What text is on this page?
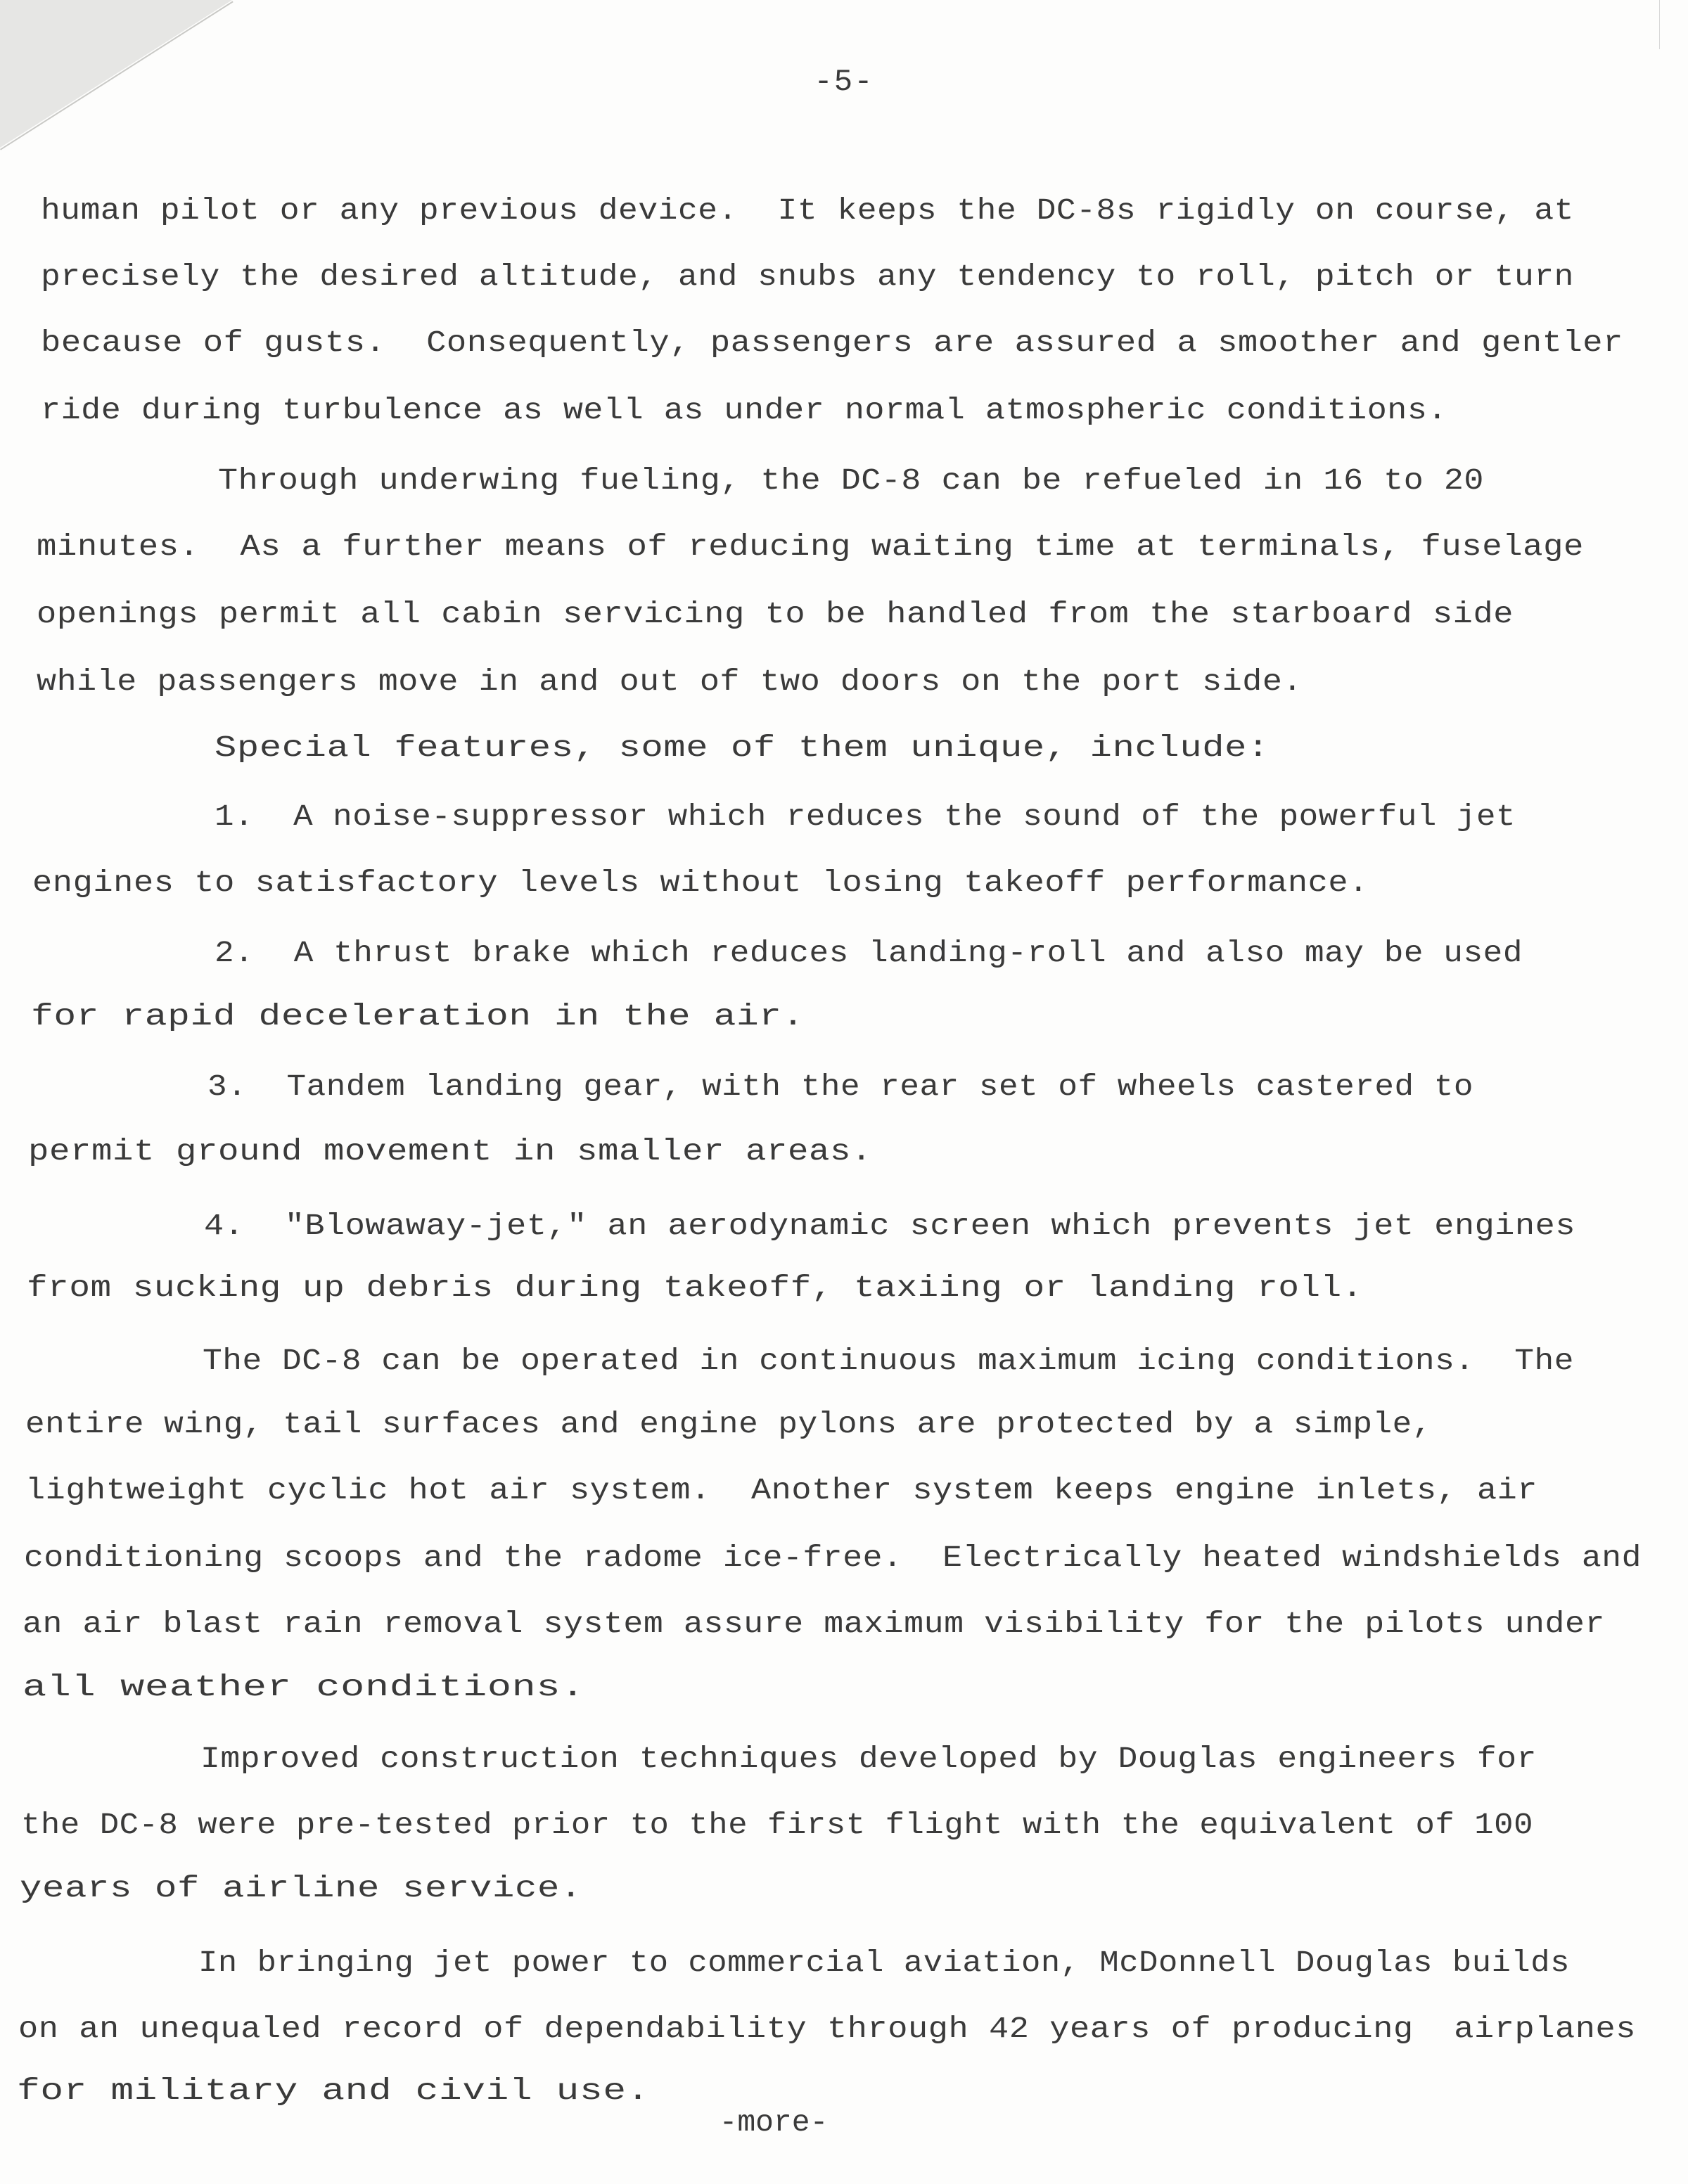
-5-
human pilot or any previous device.  It keeps the DC-8s rigidly on course, at
precisely the desired altitude, and snubs any tendency to roll, pitch or turn
because of gusts.  Consequently, passengers are assured a smoother and gentler
ride during turbulence as well as under normal atmospheric conditions.
Through underwing fueling, the DC-8 can be refueled in 16 to 20
minutes.  As a further means of reducing waiting time at terminals, fuselage
openings permit all cabin servicing to be handled from the starboard side
while passengers move in and out of two doors on the port side.
Special features, some of them unique, include:
1.  A noise-suppressor which reduces the sound of the powerful jet
engines to satisfactory levels without losing takeoff performance.
2.  A thrust brake which reduces landing-roll and also may be used
for rapid deceleration in the air.
3.  Tandem landing gear, with the rear set of wheels castered to
permit ground movement in smaller areas.
4.  "Blowaway-jet," an aerodynamic screen which prevents jet engines
from sucking up debris during takeoff, taxiing or landing roll.
The DC-8 can be operated in continuous maximum icing conditions.  The
entire wing, tail surfaces and engine pylons are protected by a simple,
lightweight cyclic hot air system.  Another system keeps engine inlets, air
conditioning scoops and the radome ice-free.  Electrically heated windshields and
an air blast rain removal system assure maximum visibility for the pilots under
all weather conditions.
Improved construction techniques developed by Douglas engineers for
the DC-8 were pre-tested prior to the first flight with the equivalent of 100
years of airline service.
In bringing jet power to commercial aviation, McDonnell Douglas builds
on an unequaled record of dependability through 42 years of producing  airplanes
for military and civil use.
-more-
